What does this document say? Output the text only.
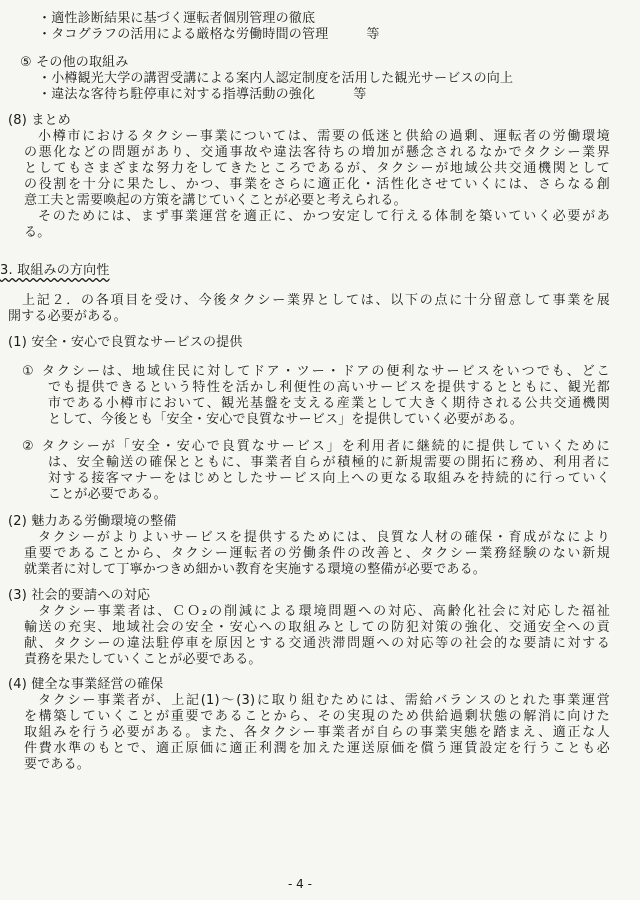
・適性診断結果に基づく運転者個別管理の徹底
・タコグラフの活用による厳格な労働時間の管理	等
⑤ その他の取組み
・小樽観光大学の講習受講による案内人認定制度を活用した観光サービスの向上
・違法な客待ち駐停車に対する指導活動の強化	等
(8) まとめ
小樽市におけるタクシー事業については、需要の低迷と供給の過剰、運転者の労働環境
の悪化などの問題があり、交通事故や違法客待ちの増加が懸念されるなかでタクシー業界
としてもさまざまな努力をしてきたところであるが、タクシーが地域公共交通機関として
の役割を十分に果たし、かつ、事業をさらに適正化・活性化させていくには、さらなる創
意工夫と需要喚起の方策を講じていくことが必要と考えられる。
そのためには、まず事業運営を適正に、かつ安定して行える体制を築いていく必要があ
る。
3. 取組みの方向性
上記２．の各項目を受け、今後タクシー業界としては、以下の点に十分留意して事業を展
開する必要がある。
(1) 安全・安心で良質なサービスの提供
① タクシーは、地域住民に対してドア・ツー・ドアの便利なサービスをいつでも、どこ
でも提供できるという特性を活かし利便性の高いサービスを提供するとともに、観光都
市である小樽市において、観光基盤を支える産業として大きく期待される公共交通機関
として、今後とも「安全・安心で良質なサービス」を提供していく必要がある。
② タクシーが「安全・安心で良質なサービス」を利用者に継続的に提供していくために
は、安全輸送の確保とともに、事業者自らが積極的に新規需要の開拓に務め、利用者に
対する接客マナーをはじめとしたサービス向上への更なる取組みを持続的に行っていく
ことが必要である。
(2) 魅力ある労働環境の整備
タクシーがよりよいサービスを提供するためには、良質な人材の確保・育成がなにより
重要であることから、タクシー運転者の労働条件の改善と、タクシー業務経験のない新規
就業者に対して丁寧かつきめ細かい教育を実施する環境の整備が必要である。
(3) 社会的要請への対応
タクシー事業者は、ＣＯ₂の削減による環境問題への対応、高齢化社会に対応した福祉
輸送の充実、地域社会の安全・安心への取組みとしての防犯対策の強化、交通安全への貢
献、タクシーの違法駐停車を原因とする交通渋滞問題への対応等の社会的な要請に対する
責務を果たしていくことが必要である。
(4) 健全な事業経営の確保
タクシー事業者が、上記(1)～(3)に取り組むためには、需給バランスのとれた事業運営
を構築していくことが重要であることから、その実現のため供給過剰状態の解消に向けた
取組みを行う必要がある。また、各タクシー事業者が自らの事業実態を踏まえ、適正な人
件費水準のもとで、適正原価に適正利潤を加えた運送原価を償う運賃設定を行うことも必
要である。
- 4 -
